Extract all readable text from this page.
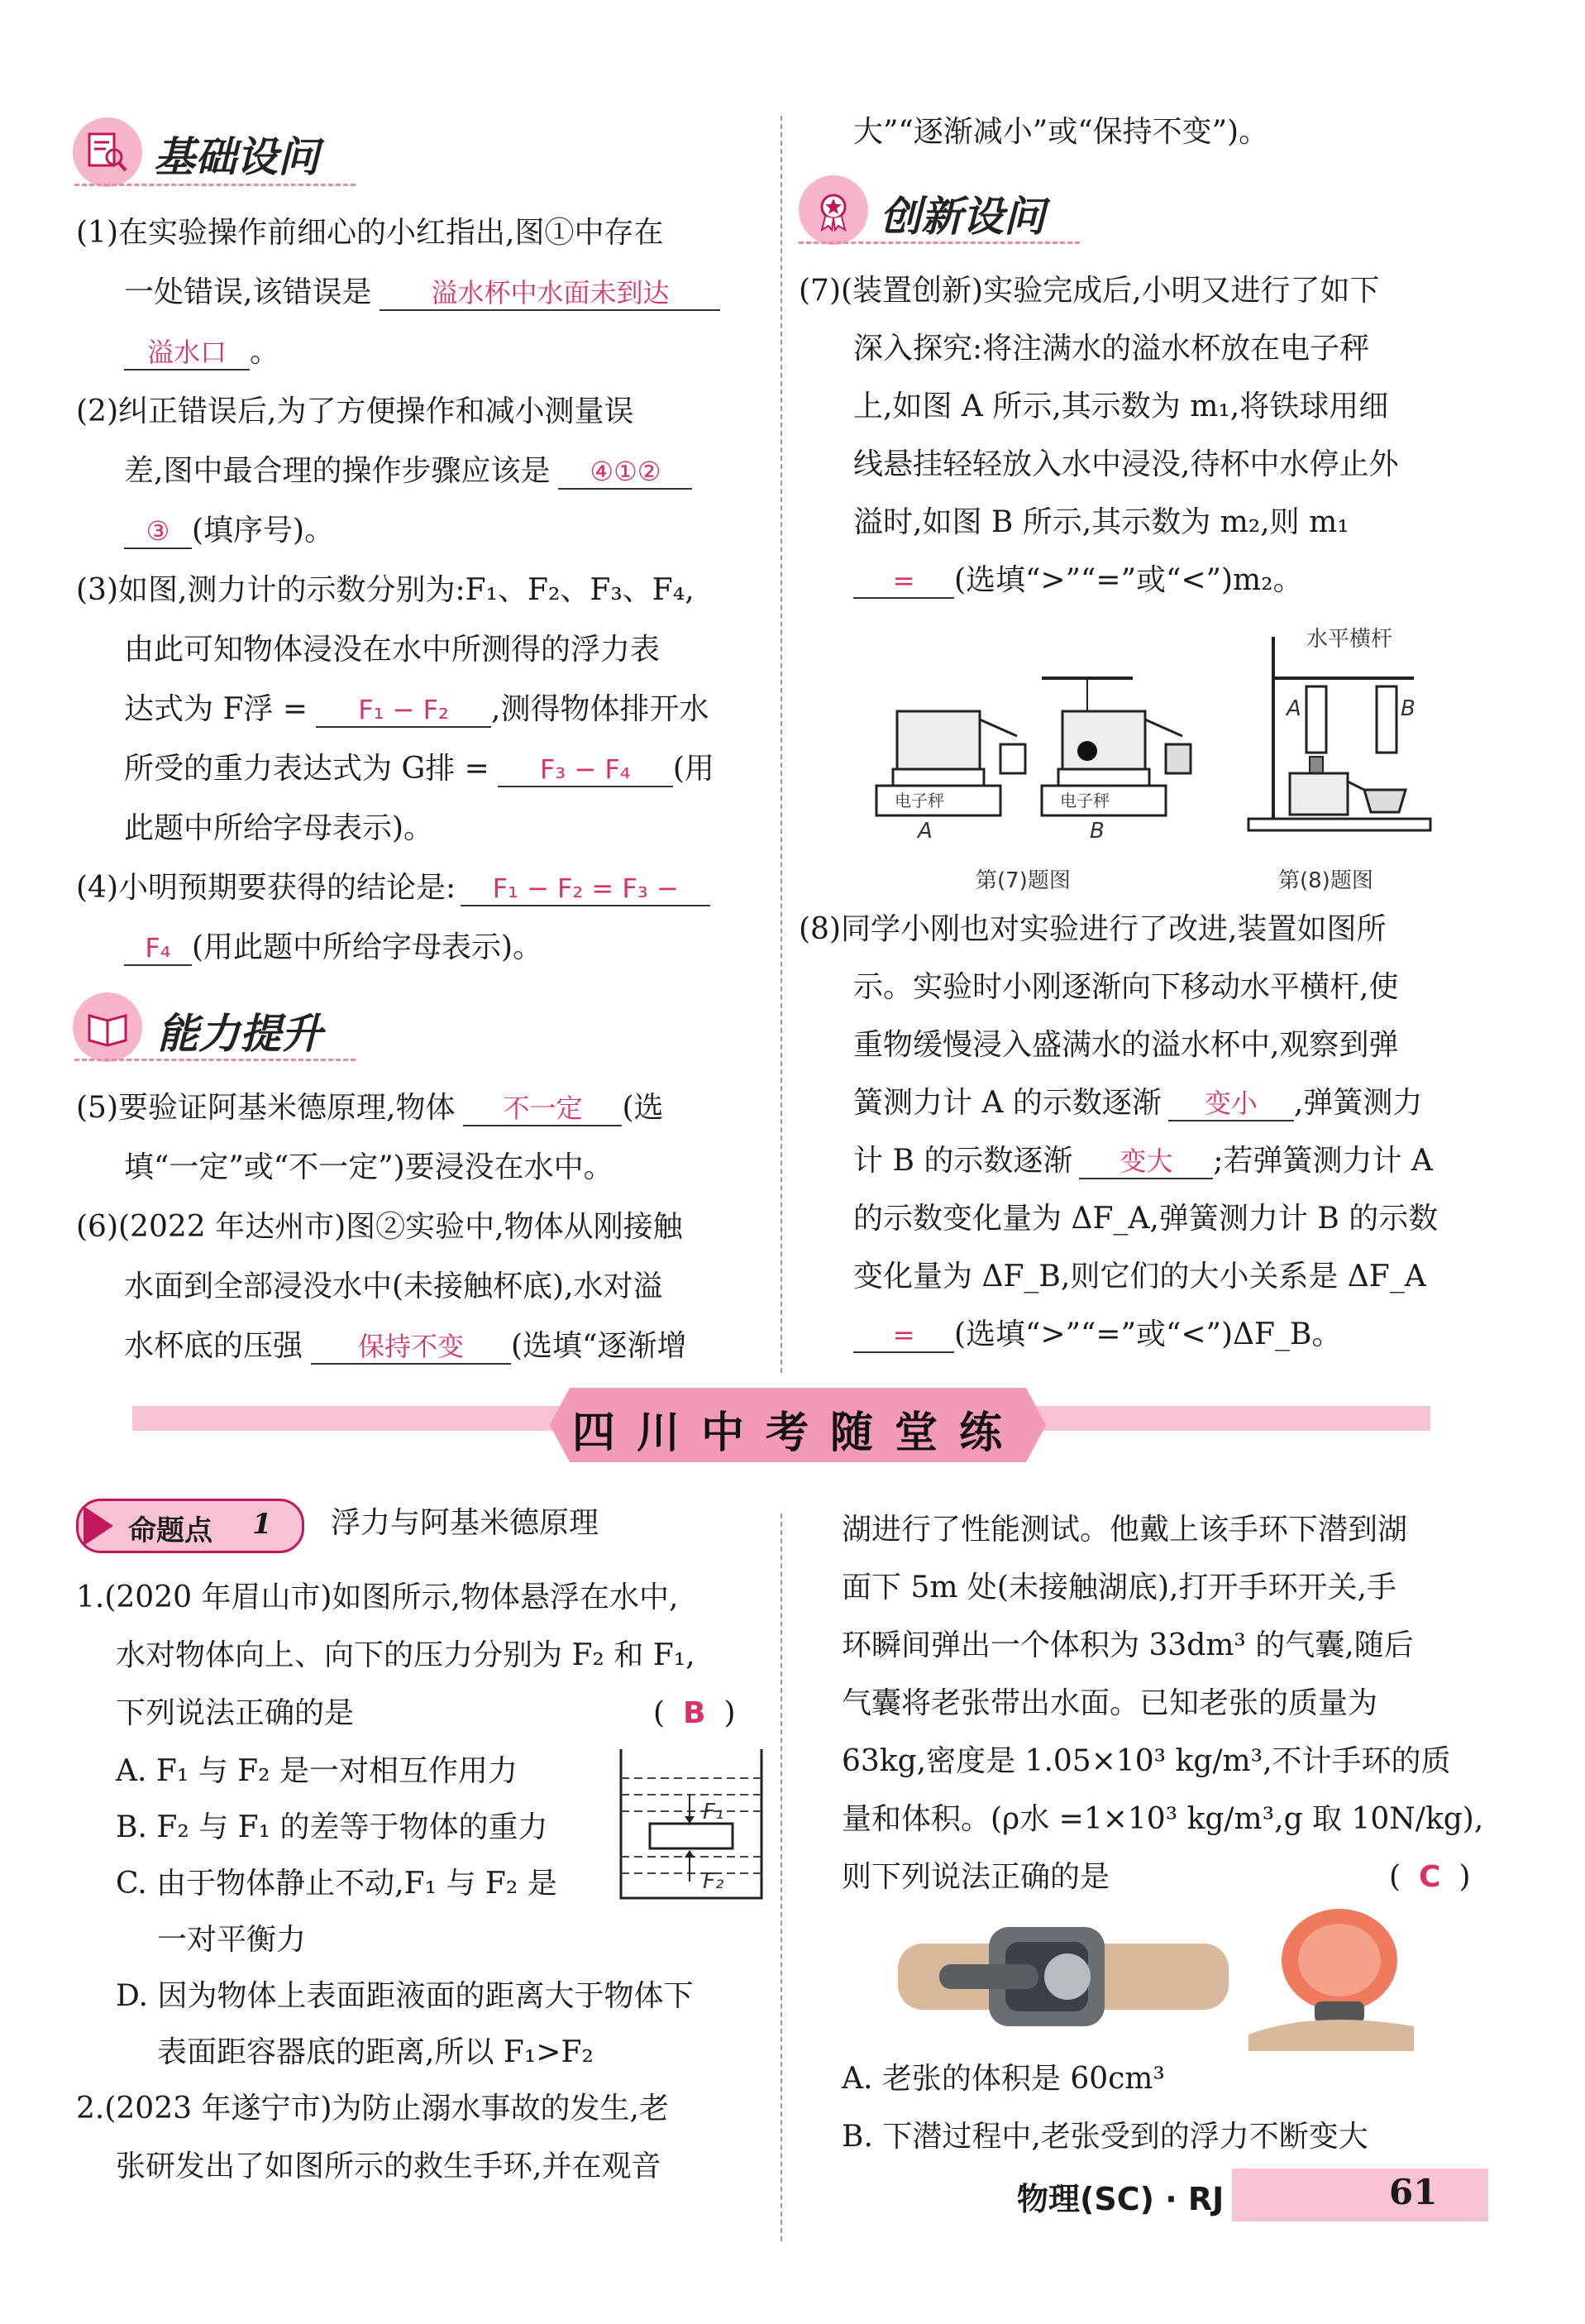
基础设问
(1)在实验操作前细心的小红指出,图①中存在
一处错误,该错误是 溢水杯中水面未到达
溢水口 。
(2)纠正错误后,为了方便操作和减小测量误
差,图中最合理的操作步骤应该是 ④①②
③ (填序号)。
(3)如图,测力计的示数分别为:F₁、F₂、F₃、F₄,
由此可知物体浸没在水中所测得的浮力表
达式为 F浮 = F₁ − F₂ ,测得物体排开水
所受的重力表达式为 G排 = F₃ − F₄ (用
此题中所给字母表示)。
(4)小明预期要获得的结论是: F₁ − F₂ = F₃ −
F₄ (用此题中所给字母表示)。
能力提升
(5)要验证阿基米德原理,物体 不一定 (选
填“一定”或“不一定”)要浸没在水中。
(6)(2022 年达州市)图②实验中,物体从刚接触
水面到全部浸没水中(未接触杯底),水对溢
水杯底的压强 保持不变 (选填“逐渐增
大”“逐渐减小”或“保持不变”)。
创新设问
(7)(装置创新)实验完成后,小明又进行了如下
深入探究:将注满水的溢水杯放在电子秤
上,如图 A 所示,其示数为 m₁,将铁球用细
线悬挂轻轻放入水中浸没,待杯中水停止外
溢时,如图 B 所示,其示数为 m₂,则 m₁
= (选填“>”“=”或“<”)m₂。
电子秤	电子秤
A	B
第(7)题图
水平横杆
A	B
第(8)题图
(8)同学小刚也对实验进行了改进,装置如图所
示。实验时小刚逐渐向下移动水平横杆,使
重物缓慢浸入盛满水的溢水杯中,观察到弹
簧测力计 A 的示数逐渐 变小 ,弹簧测力
计 B 的示数逐渐 变大 ;若弹簧测力计 A
的示数变化量为 ΔF_A,弹簧测力计 B 的示数
变化量为 ΔF_B,则它们的大小关系是 ΔF_A
= (选填“>”“=”或“<”)ΔF_B。
四川中考随堂练
命题点 1 浮力与阿基米德原理
1.(2020 年眉山市)如图所示,物体悬浮在水中,
水对物体向上、向下的压力分别为 F₂ 和 F₁,
下列说法正确的是	( B )
A. F₁ 与 F₂ 是一对相互作用力
B. F₂ 与 F₁ 的差等于物体的重力
C. 由于物体静止不动,F₁ 与 F₂ 是
一对平衡力
D. 因为物体上表面距液面的距离大于物体下
表面距容器底的距离,所以 F₁>F₂
F₁
F₂
2.(2023 年遂宁市)为防止溺水事故的发生,老
张研发出了如图所示的救生手环,并在观音
湖进行了性能测试。他戴上该手环下潜到湖
面下 5m 处(未接触湖底),打开手环开关,手
环瞬间弹出一个体积为 33dm³ 的气囊,随后
气囊将老张带出水面。已知老张的质量为
63kg,密度是 1.05×10³ kg/m³,不计手环的质
量和体积。(ρ水 =1×10³ kg/m³,g 取 10N/kg),
则下列说法正确的是	( C )
A. 老张的体积是 60cm³
B. 下潜过程中,老张受到的浮力不断变大
物理(SC) · RJ	61
